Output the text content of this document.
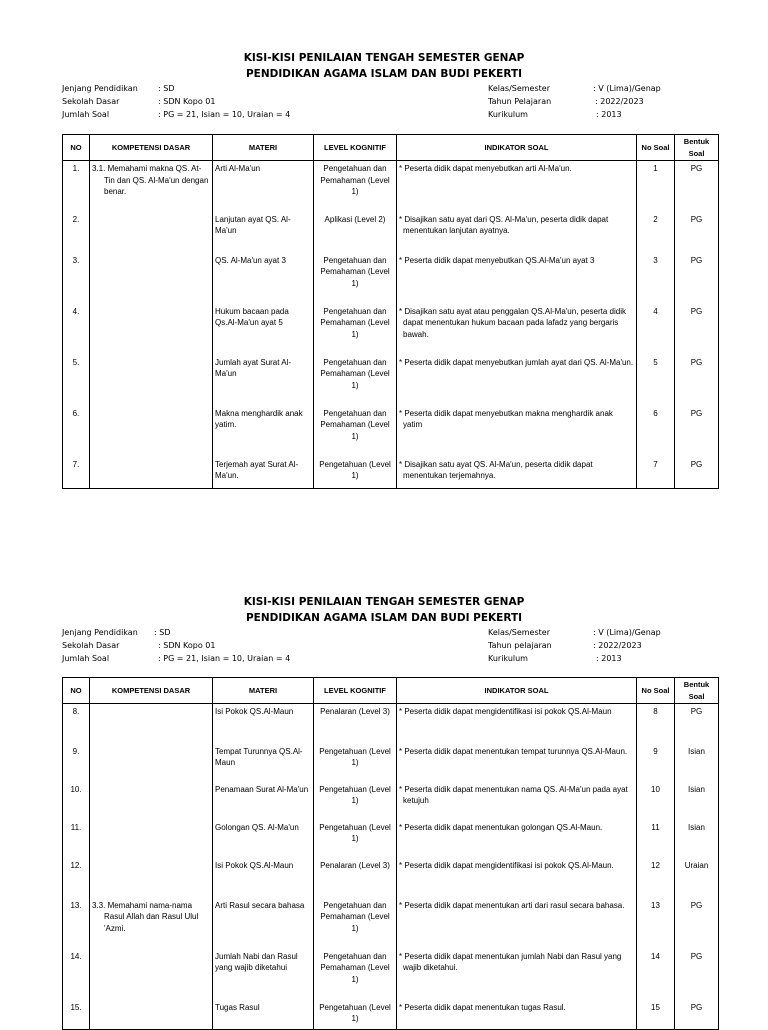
KISI-KISI PENILAIAN TENGAH SEMESTER GENAP
PENDIDIKAN AGAMA ISLAM DAN BUDI PEKERTI
Jenjang Pendidikan	: SD
Sekolah Dasar	: SDN Kopo 01
Jumlah Soal	: PG = 21, Isian = 10, Uraian = 4
Kelas/Semester	: V (Lima)/Genap
Tahun Pelajaran	: 2022/2023
Kurikulum	: 2013
NO	KOMPETENSI DASAR	MATERI	LEVEL KOGNITIF	INDIKATOR SOAL	No Soal	Bentuk Soal
1.	3.1. Memahami makna QS. At-Tin dan QS. Al-Ma'un dengan benar.	Arti Al-Ma'un	Pengetahuan dan Pemahaman (Level 1)	* Peserta didik dapat menyebutkan arti Al-Ma'un.	1	PG
2.		Lanjutan ayat QS. Al-Ma'un	Aplikasi (Level 2)	* Disajikan satu ayat dari QS. Al-Ma'un, peserta didik dapat menentukan lanjutan ayatnya.	2	PG
3.		QS. Al-Ma'un ayat 3	Pengetahuan dan Pemahaman (Level 1)	* Peserta didik dapat menyebutkan QS.Al-Ma'un ayat 3	3	PG
4.		Hukum bacaan pada Qs.Al-Ma'un ayat 5	Pengetahuan dan Pemahaman (Level 1)	* Disajikan satu ayat atau penggalan QS.Al-Ma'un, peserta didik dapat menentukan hukum bacaan pada lafadz yang bergaris bawah.	4	PG
5.		Jumlah ayat Surat Al-Ma'un	Pengetahuan dan Pemahaman (Level 1)	* Peserta didik dapat menyebutkan jumlah ayat dari QS. Al-Ma'un.	5	PG
6.		Makna menghardik anak yatim.	Pengetahuan dan Pemahaman (Level 1)	* Peserta didik dapat menyebutkan makna menghardik anak yatim	6	PG
7.		Terjemah ayat Surat Al-Ma'un.	Pengetahuan (Level 1)	* Disajikan satu ayat QS. Al-Ma'un, peserta didik dapat menentukan terjemahnya.	7	PG
KISI-KISI PENILAIAN TENGAH SEMESTER GENAP
PENDIDIKAN AGAMA ISLAM DAN BUDI PEKERTI
Jenjang Pendidikan : SD
Sekolah Dasar	: SDN Kopo 01
Jumlah Soal	: PG = 21, Isian = 10, Uraian = 4
Kelas/Semester	: V (Lima)/Genap
Tahun pelajaran	: 2022/2023
Kurikulum	: 2013
NO	KOMPETENSI DASAR	MATERI	LEVEL KOGNITIF	INDIKATOR SOAL	No Soal	Bentuk Soal
8.		Isi Pokok QS.Al-Maun	Penalaran (Level 3)	* Peserta didik dapat mengidentifikasi isi pokok QS.Al-Maun	8	PG
9.		Tempat Turunnya QS.Al-Maun	Pengetahuan (Level 1)	* Peserta didik dapat menentukan tempat turunnya QS.Al-Maun.	9	Isian
10.		Penamaan Surat Al-Ma'un	Pengetahuan (Level 1)	* Peserta didik dapat menentukan nama QS. Al-Ma'un pada ayat ketujuh	10	Isian
11.		Golongan QS. Al-Ma'un	Pengetahuan (Level 1)	* Peserta didik dapat menentukan golongan QS.Al-Maun.	11	Isian
12.		Isi Pokok QS.Al-Maun	Penalaran (Level 3)	* Peserta didik dapat mengidentifikasi isi pokok QS.Al-Maun.	12	Uraian
13.	3.3. Memahami nama-nama Rasul Allah dan Rasul Ulul 'Azmi.	Arti Rasul secara bahasa	Pengetahuan dan Pemahaman (Level 1)	* Peserta didik dapat menentukan arti dari rasul secara bahasa.	13	PG
14.		Jumlah Nabi dan Rasul yang wajib diketahui	Pengetahuan dan Pemahaman (Level 1)	* Peserta didik dapat menentukan jumlah Nabi dan Rasul yang wajib diketahui.	14	PG
15.		Tugas Rasul	Pengetahuan (Level 1)	* Peserta didik dapat menentukan tugas Rasul.	15	PG
